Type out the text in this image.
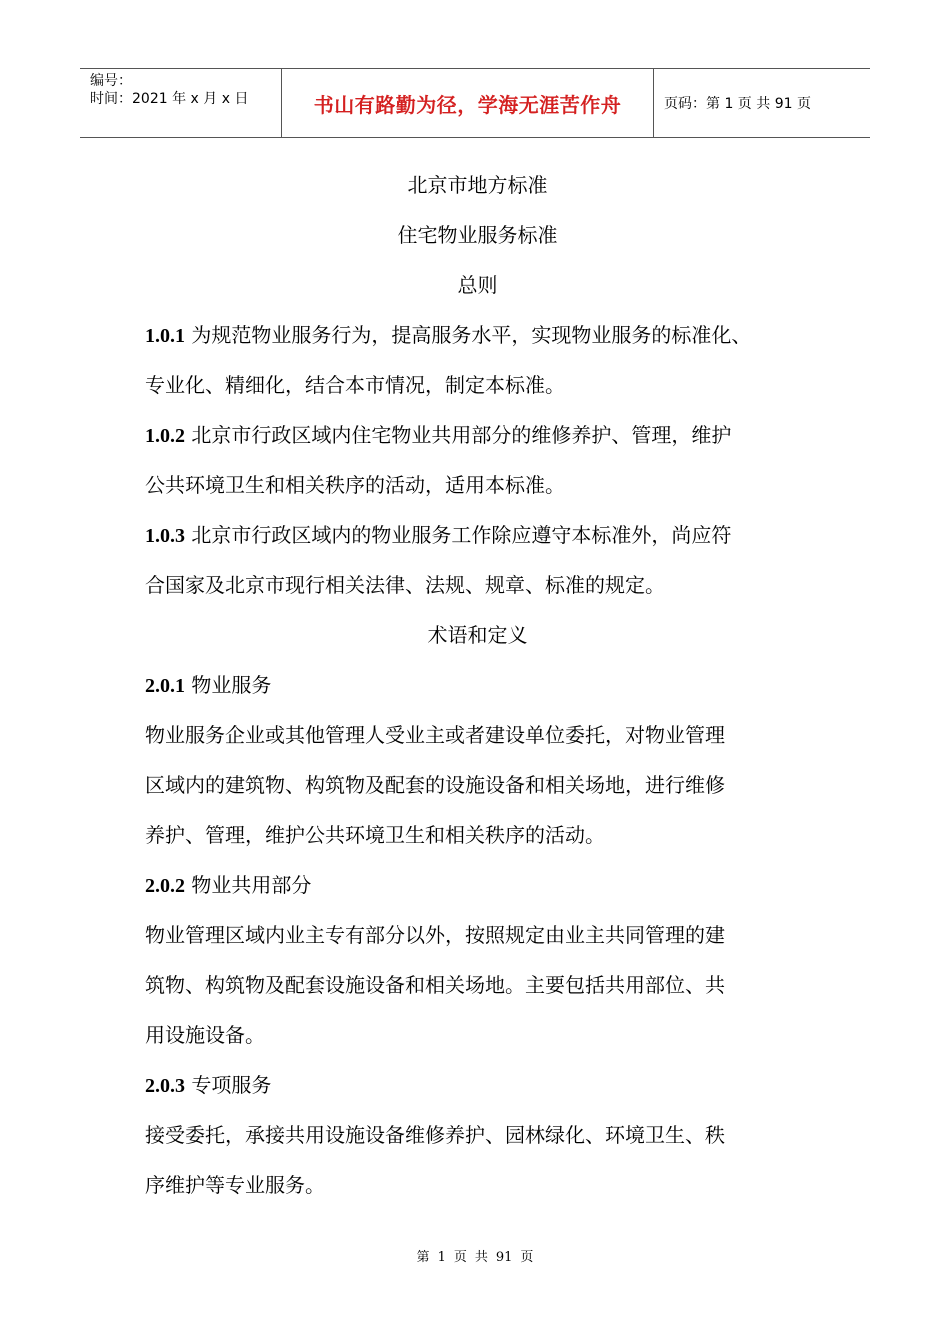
编号：
时间：2021 年 x 月 x 日	书山有路勤为径，学海无涯苦作舟	页码：第 1 页 共 91 页
北京市地方标准
住宅物业服务标准
总则
1.0.1 为规范物业服务行为，提高服务水平，实现物业服务的标准化、
专业化、精细化，结合本市情况，制定本标准。
1.0.2 北京市行政区域内住宅物业共用部分的维修养护、管理，维护
公共环境卫生和相关秩序的活动，适用本标准。
1.0.3 北京市行政区域内的物业服务工作除应遵守本标准外，尚应符
合国家及北京市现行相关法律、法规、规章、标准的规定。
术语和定义
2.0.1 物业服务
物业服务企业或其他管理人受业主或者建设单位委托，对物业管理
区域内的建筑物、构筑物及配套的设施设备和相关场地，进行维修
养护、管理，维护公共环境卫生和相关秩序的活动。
2.0.2 物业共用部分
物业管理区域内业主专有部分以外，按照规定由业主共同管理的建
筑物、构筑物及配套设施设备和相关场地。主要包括共用部位、共
用设施设备。
2.0.3 专项服务
接受委托，承接共用设施设备维修养护、园林绿化、环境卫生、秩
序维护等专业服务。
第 1 页 共 91 页
